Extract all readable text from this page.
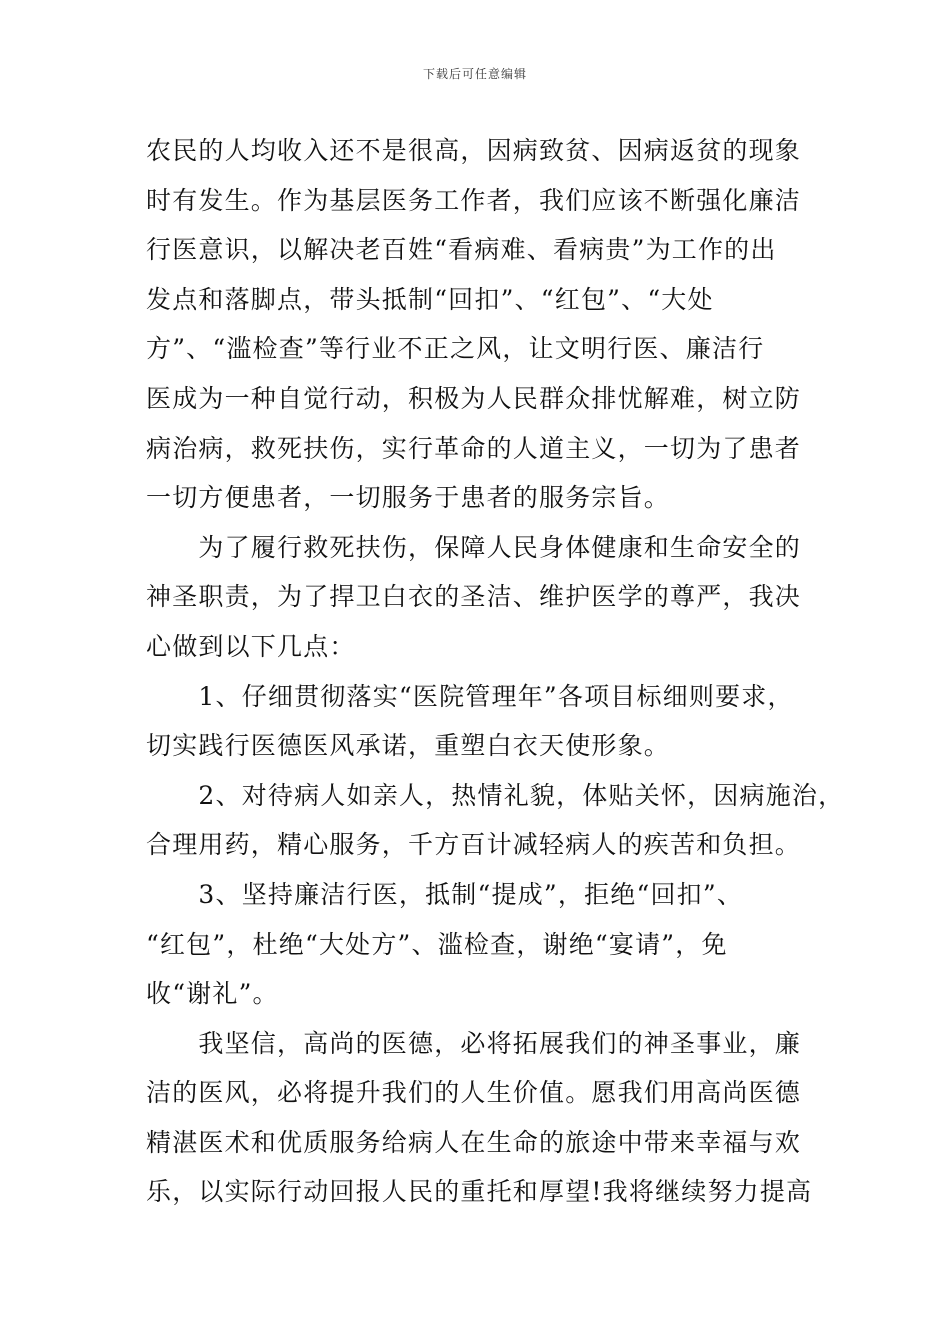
下载后可任意编辑
农民的人均收入还不是很高，因病致贫、因病返贫的现象
时有发生。作为基层医务工作者，我们应该不断强化廉洁
行医意识，以解决老百姓“看病难、看病贵”为工作的出
发点和落脚点，带头抵制“回扣”、“红包”、“大处
方”、“滥检查”等行业不正之风，让文明行医、廉洁行
医成为一种自觉行动，积极为人民群众排忧解难，树立防
病治病，救死扶伤，实行革命的人道主义，一切为了患者
一切方便患者，一切服务于患者的服务宗旨。
　　为了履行救死扶伤，保障人民身体健康和生命安全的
神圣职责，为了捍卫白衣的圣洁、维护医学的尊严，我决
心做到以下几点：
　　1、仔细贯彻落实“医院管理年”各项目标细则要求，
切实践行医德医风承诺，重塑白衣天使形象。
　　2、对待病人如亲人，热情礼貌，体贴关怀，因病施治，
合理用药，精心服务，千方百计减轻病人的疾苦和负担。
　　3、坚持廉洁行医，抵制“提成”，拒绝“回扣”、
“红包”，杜绝“大处方”、滥检查，谢绝“宴请”，免
收“谢礼”。
　　我坚信，高尚的医德，必将拓展我们的神圣事业，廉
洁的医风，必将提升我们的人生价值。愿我们用高尚医德
精湛医术和优质服务给病人在生命的旅途中带来幸福与欢
乐，以实际行动回报人民的重托和厚望!我将继续努力提高
